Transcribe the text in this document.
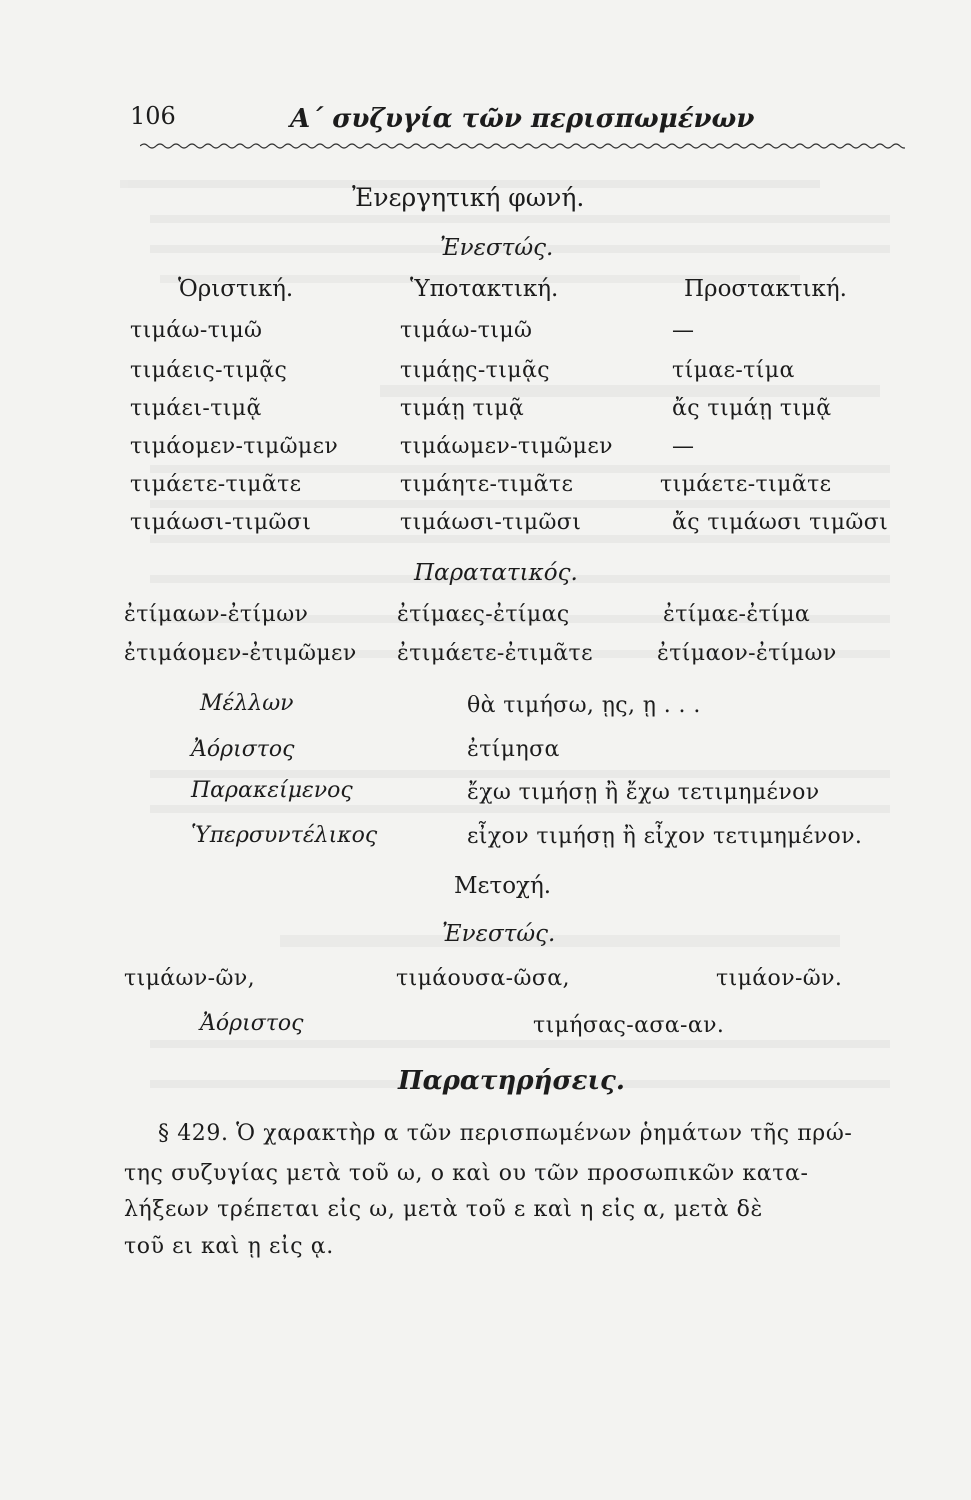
106	Α΄ συζυγία τῶν περισπωμένων
Ἐνεργητική φωνή.
Ἐνεστώς.
Ὁριστική.	Ὑποτακτική.	Προστακτική.
τιμάω-τιμῶ	τιμάω-τιμῶ	—
τιμάεις-τιμᾷς	τιμάῃς-τιμᾷς	τίμαε-τίμα
τιμάει-τιμᾷ	τιμάῃ τιμᾷ	ἄς τιμάῃ τιμᾷ
τιμάομεν-τιμῶμεν	τιμάωμεν-τιμῶμεν	—
τιμάετε-τιμᾶτε	τιμάητε-τιμᾶτε	τιμάετε-τιμᾶτε
τιμάωσι-τιμῶσι	τιμάωσι-τιμῶσι	ἄς τιμάωσι τιμῶσι
Παρατατικός.
ἐτίμαων-ἐτίμων	ἐτίμαες-ἐτίμας	ἐτίμαε-ἐτίμα
ἐτιμάομεν-ἐτιμῶμεν ἐτιμάετε-ἐτιμᾶτε	ἐτίμαον-ἐτίμων
Μέλλων	θὰ τιμήσω, ῃς, ῃ . . .
Ἀόριστος	ἐτίμησα
Παρακείμενος	ἔχω τιμήσῃ ἢ ἔχω τετιμημένον
Ὑπερσυντέλικος	εἶχον τιμήσῃ ἢ εἶχον τετιμημένον.
Μετοχή.
Ἐνεστώς.
τιμάων-ῶν,	τιμάουσα-ῶσα,	τιμάον-ῶν.
Ἀόριστος	τιμήσας-ασα-αν.
Παρατηρήσεις.
§ 429. Ὁ χαρακτὴρ α τῶν περισπωμένων ῥημάτων τῆς πρώ-
της συζυγίας μετὰ τοῦ ω, ο καὶ ου τῶν προσωπικῶν κατα-
λήξεων τρέπεται εἰς ω, μετὰ τοῦ ε καὶ η εἰς α, μετὰ δὲ
τοῦ ει καὶ ῃ εἰς ᾳ.
